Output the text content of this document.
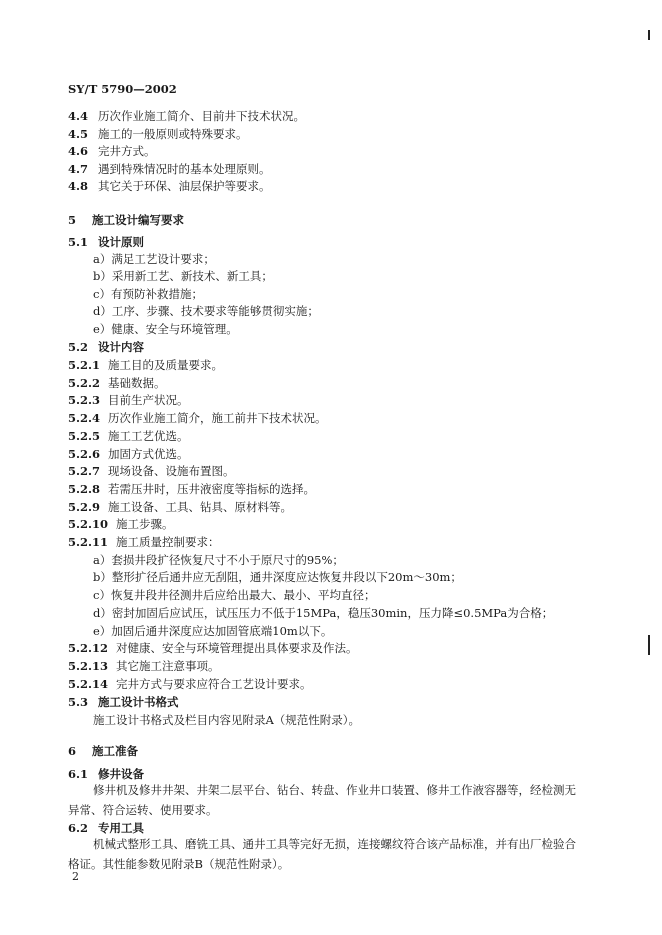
SY/T 5790—2002
4.4 历次作业施工简介、目前井下技术状况。
4.5 施工的一般原则或特殊要求。
4.6 完井方式。
4.7 遇到特殊情况时的基本处理原则。
4.8 其它关于环保、油层保护等要求。
5 施工设计编写要求
5.1 设计原则
a）满足工艺设计要求；
b）采用新工艺、新技术、新工具；
c）有预防补救措施；
d）工序、步骤、技术要求等能够贯彻实施；
e）健康、安全与环境管理。
5.2 设计内容
5.2.1 施工目的及质量要求。
5.2.2 基础数据。
5.2.3 目前生产状况。
5.2.4 历次作业施工简介，施工前井下技术状况。
5.2.5 施工工艺优选。
5.2.6 加固方式优选。
5.2.7 现场设备、设施布置图。
5.2.8 若需压井时，压井液密度等指标的选择。
5.2.9 施工设备、工具、钻具、原材料等。
5.2.10 施工步骤。
5.2.11 施工质量控制要求：
a）套损井段扩径恢复尺寸不小于原尺寸的95%；
b）整形扩径后通井应无刮阻，通井深度应达恢复井段以下20m～30m；
c）恢复井段井径测井后应给出最大、最小、平均直径；
d）密封加固后应试压，试压压力不低于15MPa，稳压30min，压力降≤0.5MPa为合格；
e）加固后通井深度应达加固管底端10m以下。
5.2.12 对健康、安全与环境管理提出具体要求及作法。
5.2.13 其它施工注意事项。
5.2.14 完井方式与要求应符合工艺设计要求。
5.3 施工设计书格式
施工设计书格式及栏目内容见附录A（规范性附录）。
6 施工准备
6.1 修井设备
修井机及修井井架、井架二层平台、钻台、转盘、作业井口装置、修井工作液容器等，经检测无
异常、符合运转、使用要求。
6.2 专用工具
机械式整形工具、磨铣工具、通井工具等完好无损，连接螺纹符合该产品标准，并有出厂检验合
格证。其性能参数见附录B（规范性附录）。
2
